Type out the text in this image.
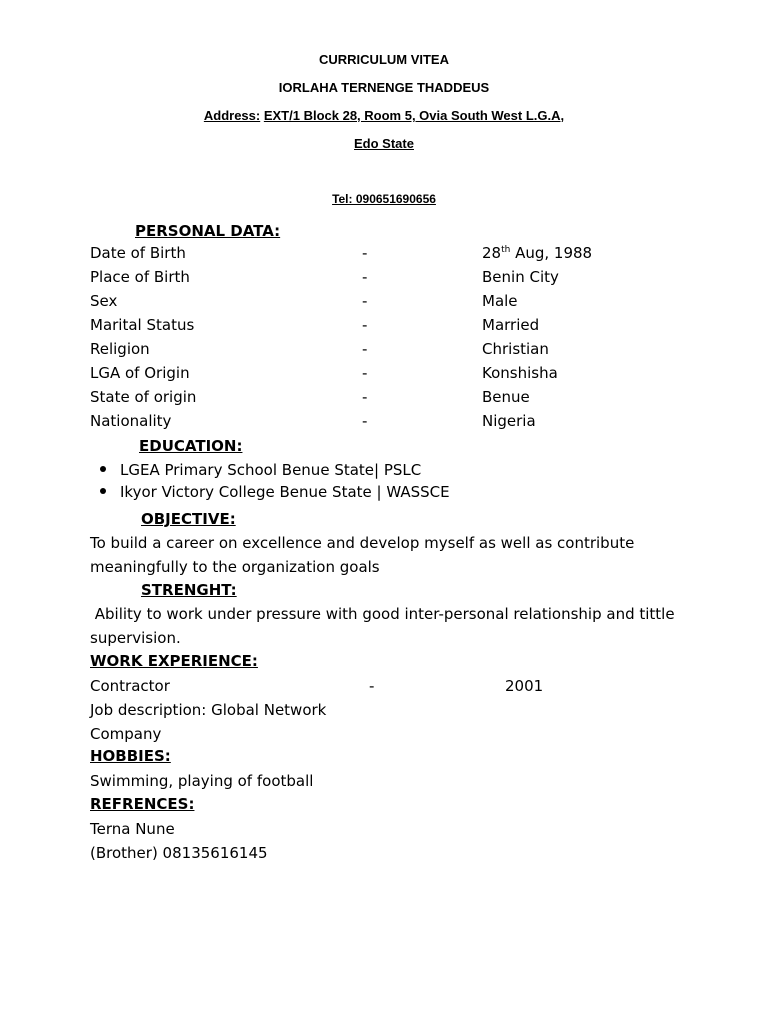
CURRICULUM VITEA
IORLAHA TERNENGE THADDEUS
Address: EXT/1 Block 28, Room 5, Ovia South West L.G.A,
Edo State
Tel: 090651690656
PERSONAL DATA:
Date of Birth	-	28th Aug, 1988
Place of Birth	-	Benin City
Sex	-	Male
Marital Status	-	Married
Religion	-	Christian
LGA of Origin	-	Konshisha
State of origin	-	Benue
Nationality	-	Nigeria
EDUCATION:
LGEA Primary School Benue State| PSLC
Ikyor Victory College Benue State | WASSCE
OBJECTIVE:
To build a career on excellence and develop myself as well as contribute
meaningfully to the organization goals
STRENGHT:
Ability to work under pressure with good inter-personal relationship and tittle
supervision.
WORK EXPERIENCE:
Contractor	-	2001
Job description: Global Network
Company
HOBBIES:
Swimming, playing of football
REFRENCES:
Terna Nune
(Brother) 08135616145
